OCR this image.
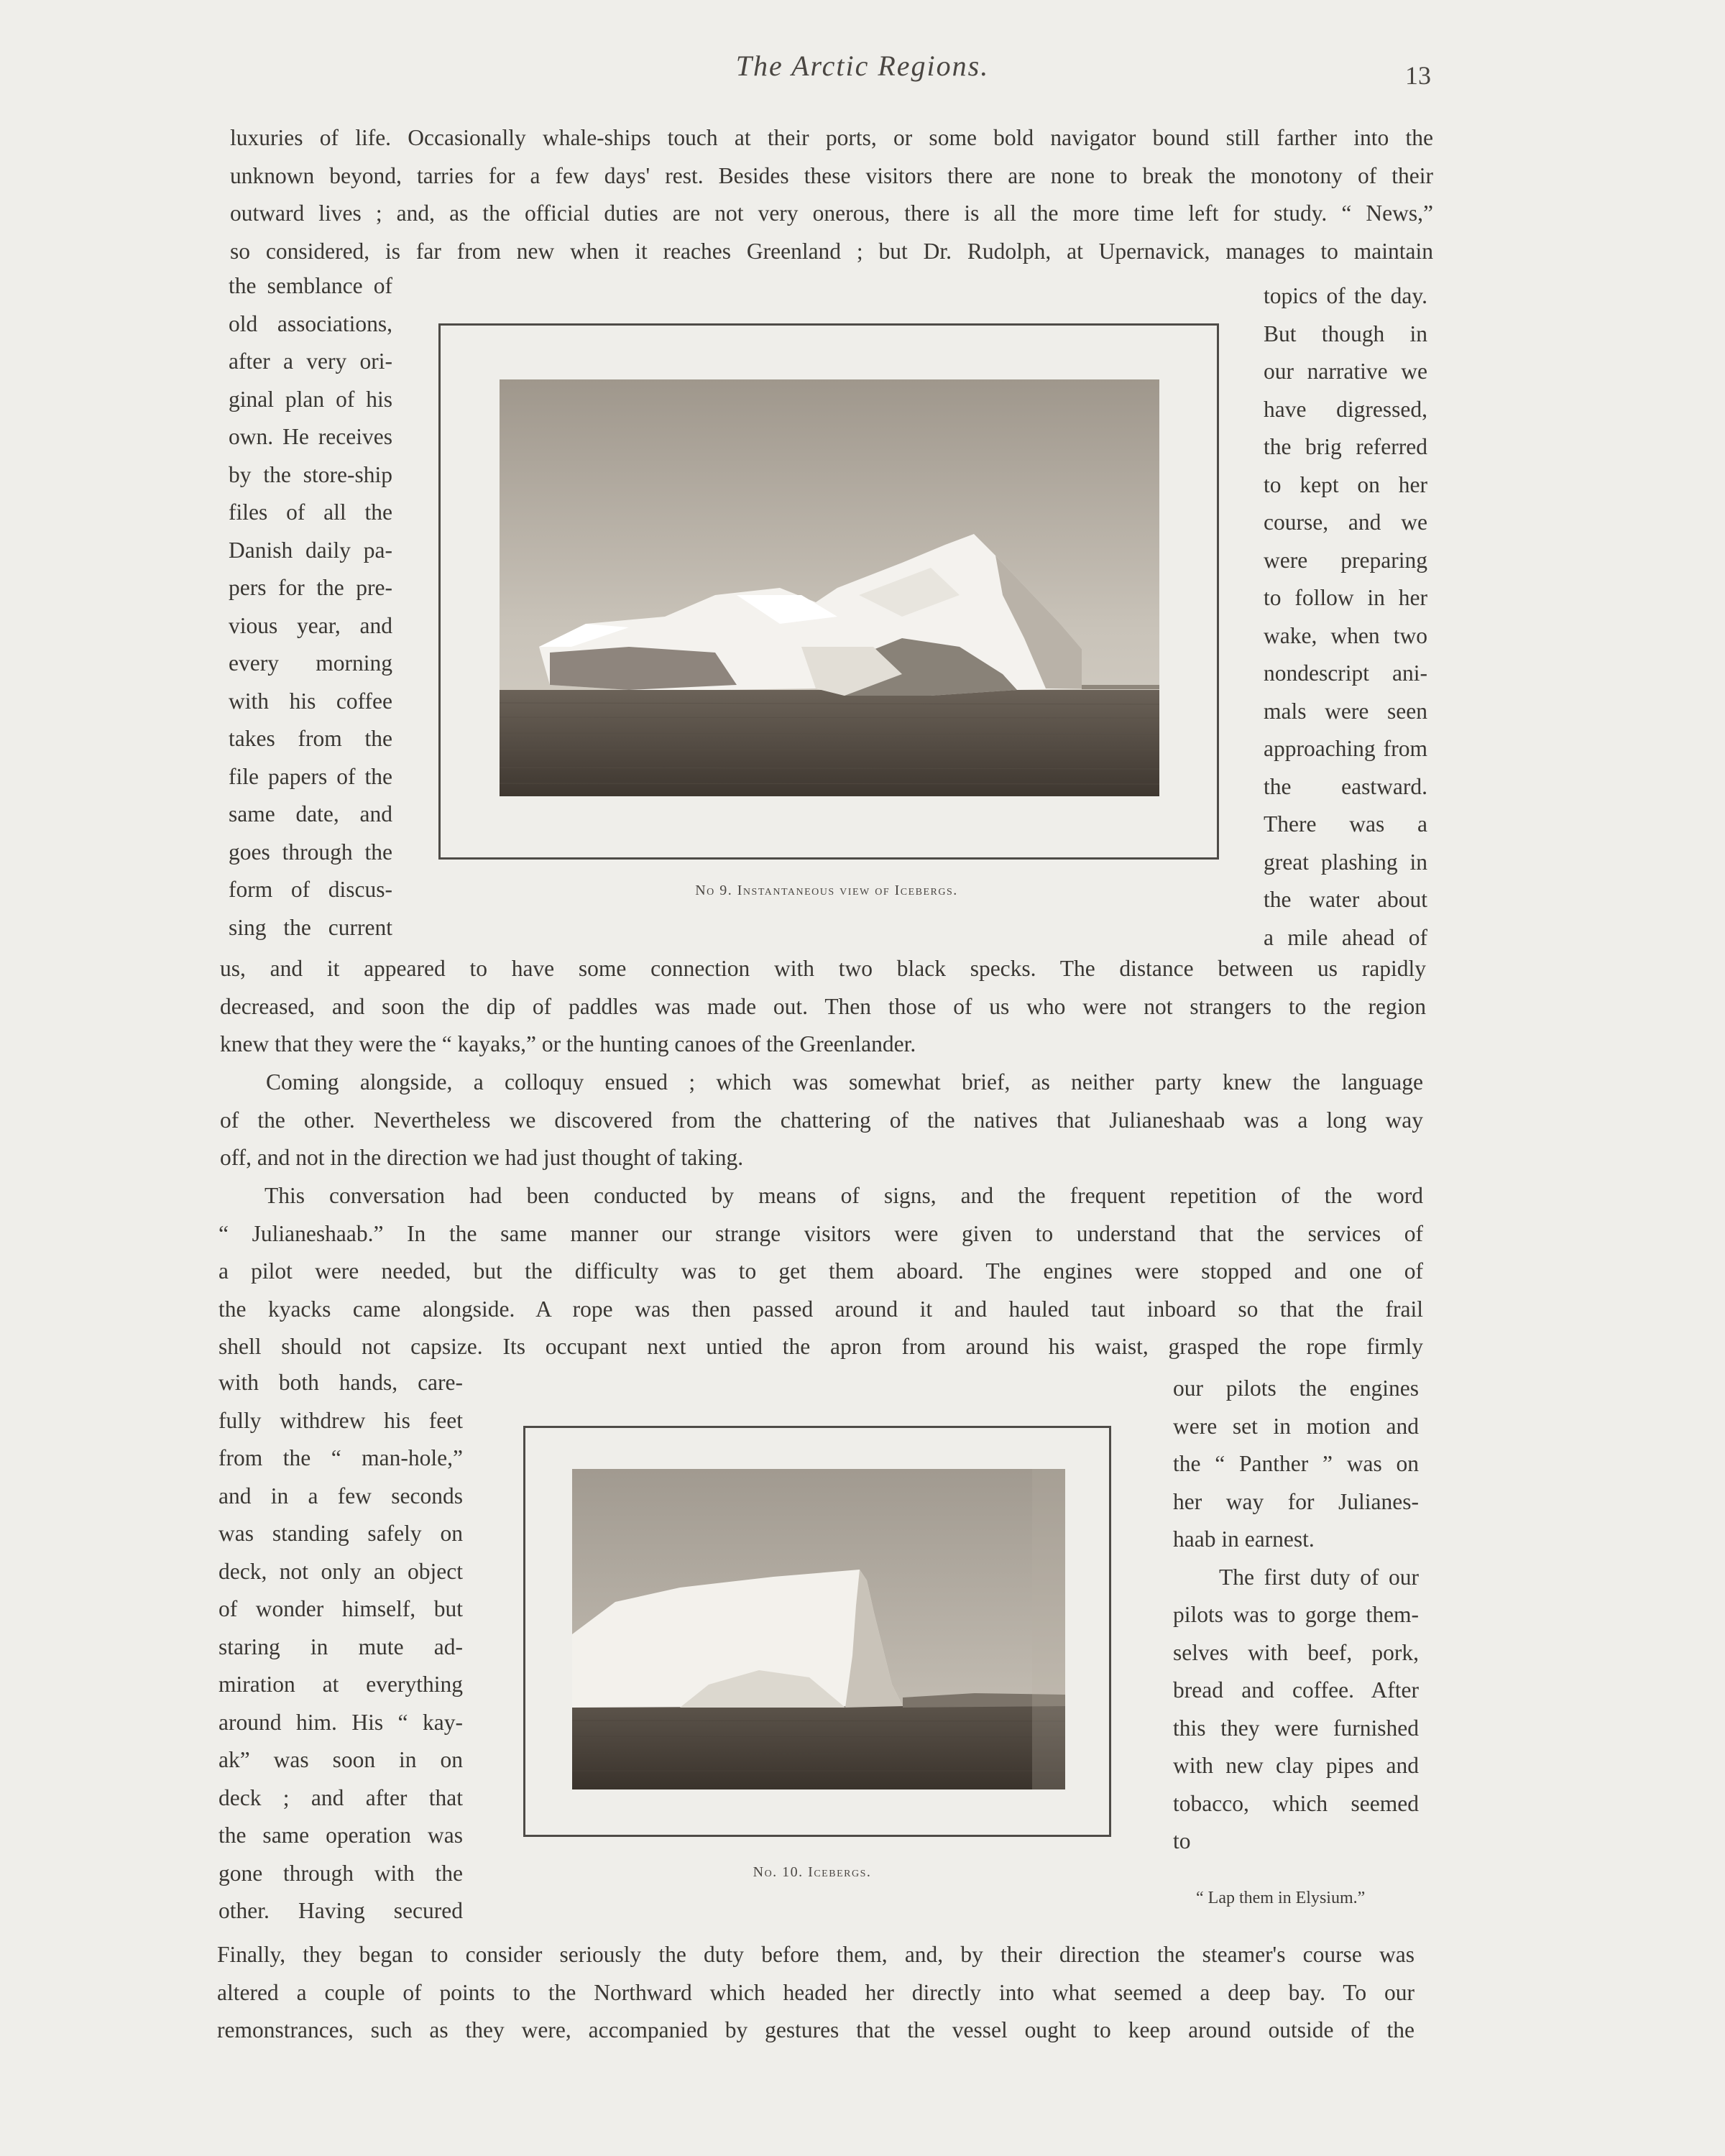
The Arctic Regions.	13

luxuries of life. Occasionally whale-ships touch at their ports, or some bold navigator bound still farther into the

unknown beyond, tarries for a few days' rest. Besides these visitors there are none to break the monotony of their

outward lives ; and, as the official duties are not very onerous, there is all the more time left for study. “ News,”

so considered, is far from new when it reaches Greenland ; but Dr. Rudolph, at Upernavick, manages to maintain

the semblance of

old associations,

after a very ori-

ginal plan of his

own. He receives

by the store-ship

files of all the

Danish daily pa-

pers for the pre-

vious year, and

every morning

with his coffee

takes from the

file papers of the

same date, and

goes through the

form of discus-

sing the current

No 9. Instantaneous view of Icebergs.

topics of the day.

But though in

our narrative we

have digressed,

the brig referred

to kept on her

course, and we

were preparing

to follow in her

wake, when two

nondescript ani-

mals were seen

approaching from

the eastward.

There was a

great plashing in

the water about

a mile ahead of

us, and it appeared to have some connection with two black specks. The distance between us rapidly

decreased, and soon the dip of paddles was made out. Then those of us who were not strangers to the region

knew that they were the “ kayaks,” or the hunting canoes of the Greenlander.

Coming alongside, a colloquy ensued ; which was somewhat brief, as neither party knew the language

of the other. Nevertheless we discovered from the chattering of the natives that Julianeshaab was a long way

off, and not in the direction we had just thought of taking.

This conversation had been conducted by means of signs, and the frequent repetition of the word

“ Julianeshaab.” In the same manner our strange visitors were given to understand that the services of

a pilot were needed, but the difficulty was to get them aboard. The engines were stopped and one of

the kyacks came alongside. A rope was then passed around it and hauled taut inboard so that the frail

shell should not capsize. Its occupant next untied the apron from around his waist, grasped the rope firmly

with both hands, care-

fully withdrew his feet

from the “ man-hole,”

and in a few seconds

was standing safely on

deck, not only an object

of wonder himself, but

staring in mute ad-

miration at everything

around him. His “ kay-

ak” was soon in on

deck ; and after that

the same operation was

gone through with the

other. Having secured

No. 10. Icebergs.

our pilots the engines

were set in motion and

the “ Panther ” was on

her way for Julianes-

haab in earnest.

The first duty of our

pilots was to gorge them-

selves with beef, pork,

bread and coffee. After

this they were furnished

with new clay pipes and

tobacco, which seemed

to

“ Lap them in Elysium.”

Finally, they began to consider seriously the duty before them, and, by their direction the steamer's course was

altered a couple of points to the Northward which headed her directly into what seemed a deep bay. To our

remonstrances, such as they were, accompanied by gestures that the vessel ought to keep around outside of the
